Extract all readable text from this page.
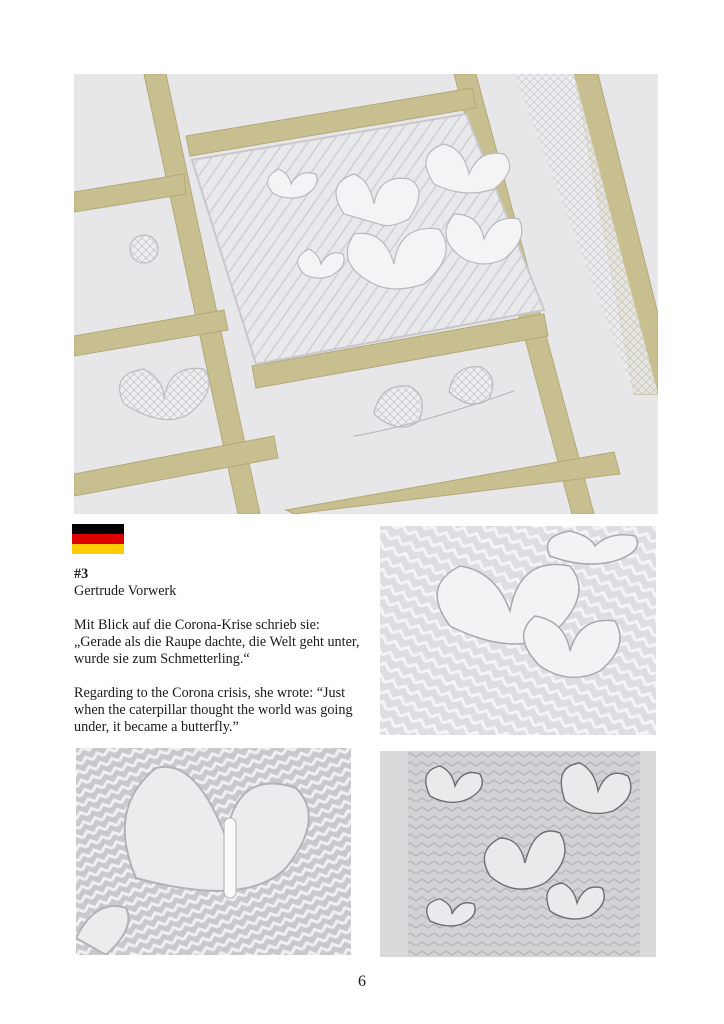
#3

Gertrude Vorwerk

Mit Blick auf die Corona-Krise schrieb sie:

„Gerade als die Raupe dachte, die Welt geht unter,

wurde sie zum Schmetterling.“

Regarding to the Corona crisis, she wrote: “Just

when the caterpillar thought the world was going

under, it became a butterfly.”

6
